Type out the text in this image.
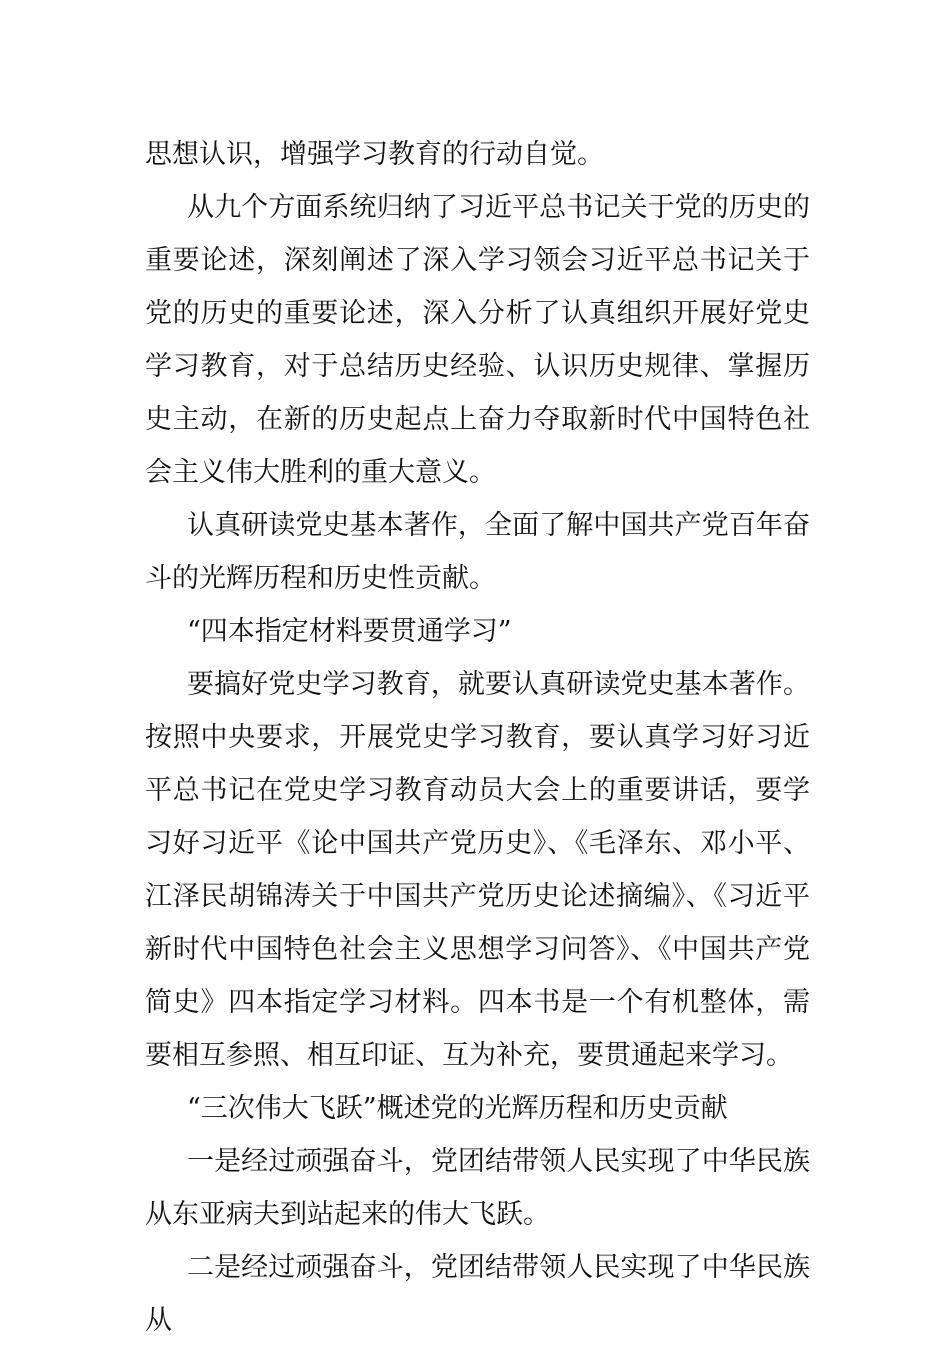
思想认识，增强学习教育的行动自觉。

从九个方面系统归纳了习近平总书记关于党的历史的重要论述，深刻阐述了深入学习领会习近平总书记关于党的历史的重要论述，深入分析了认真组织开展好党史学习教育，对于总结历史经验、认识历史规律、掌握历史主动，在新的历史起点上奋力夺取新时代中国特色社会主义伟大胜利的重大意义。

认真研读党史基本著作，全面了解中国共产党百年奋斗的光辉历程和历史性贡献。

“四本指定材料要贯通学习”

要搞好党史学习教育，就要认真研读党史基本著作。按照中央要求，开展党史学习教育，要认真学习好习近平总书记在党史学习教育动员大会上的重要讲话，要学习好习近平《论中国共产党历史》、《毛泽东、邓小平、江泽民胡锦涛关于中国共产党历史论述摘编》、《习近平新时代中国特色社会主义思想学习问答》、《中国共产党简史》四本指定学习材料。四本书是一个有机整体，需要相互参照、相互印证、互为补充，要贯通起来学习。

“三次伟大飞跃”概述党的光辉历程和历史贡献

一是经过顽强奋斗，党团结带领人民实现了中华民族从东亚病夫到站起来的伟大飞跃。

二是经过顽强奋斗，党团结带领人民实现了中华民族从
